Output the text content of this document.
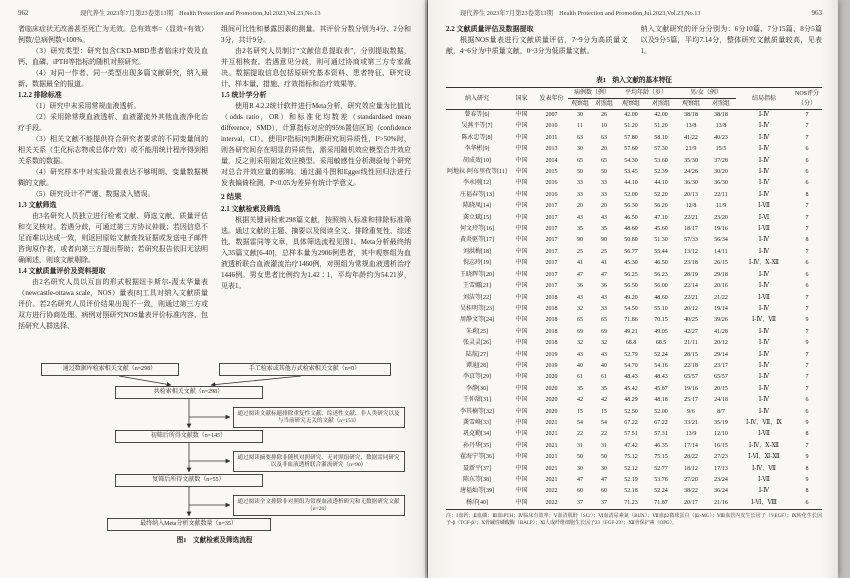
962	现代养生 2023年7月第23卷第13期　Health Protection and Promotion,Jul.2023,Vol.23,No.13

者临床症状无改善甚至死亡为无效。总有效率=（显效+有效）例数/总病例数×100%。

（3）研究类型：研究包含CKD-MBD患者临床疗效及血钙、血磷、iPTH等指标的随机对照研究。

（4）对同一作者、同一类型出现多篇文献研究，纳入最新、数据最全的报道。

1.2.2 排除标准

（1）研究中未采用常规血液透析。

（2）采用除常规血液透析、血液灌流外其他血液净化治疗手段。

（3）相关文献不能提供符合研究者要求的不同变量间的相关关系（生化标志物或总体疗效）或不能用统计程序得到相关系数的数据。

（4）研究样本中对实验设置表达不够明朗、变量数据模糊的文献。

（5）研究设计不严谨、数据录入错误。

1.3 文献筛选

由3名研究人员独立进行检索文献、筛选文献、质量评估和交叉核对。若遇分歧，可通过第三方协议仲裁；若因信息不足而难以达成一致，则返回原始文献查找证据或发送电子邮件咨询原作者，或者向第三方提出帮助；若研究报告依旧无法明确阐述，则该文献剔除。

1.4 文献质量评价及资料提取

由2名研究人员以互盲的形式根据纽卡斯尔-渥太华量表（newcastle-ottawa scale，NOS）量表[8]工具对纳入文献质量评价。若2名研究人员评价结果出现不一致，则通过第三方或双方进行协商处理。病例对照研究NOS量表评价标准内容，包括研究人群选择、

组间可比性和暴露因素的测量。其评价分数分别为4分、2分和3分，共计9分。

由2名研究人员制订“文献信息提取表”，分别提取数据，并互相核查。若遇意见分歧，则可通过协商或第三方专家裁决。数据提取信息包括原研究基本资料、患者特征、研究设计、样本量、措施、疗效指标和治疗效果等。

1.5 统计学分析

使用R 4.2.2统计软件进行Meta分析，研究效应量为比值比（odds ratio，OR）和标准化均数差（standardised mean difference，SMD），计算指标对应的95%置信区间（confidence interval，CI）。使用I²指标[9]判断研究间异质性，I²>50%时，则各研究间存在明显的异质性，需采用随机效应模型合并效应量，反之则采用固定效应模型。采用敏感性分析测验每个研究对总合并效应量的影响。通过漏斗图和Egger线性回归法进行发表偏倚检测，P<0.05为差异有统计学意义。

2 结果

2.1 文献检索及筛选

根据关键词检索298篇文献，按照纳入标准和排除标准筛选。通过文献的主题、摘要以及阅读全文、排除重复性、综述性、数据雷同等文章，具体筛选流程见图1。Meta分析最终纳入35篇文献[6-40]，总样本量为2906例患者，其中观察组为血液透析联合血液灌流治疗1460例，对照组为常规血液透析治疗1446例。男女患者比例约为1.42∶1，平均年龄约为54.21岁，见表1。

通过数据库检索相关文献（n=298）	手工检索或其他方式检索相关文献（n=0）
共检索相关文献（n=298）
通过阅读文献标题排除重复性文献、综述性文献、非人类研究以及与当前研究无关的文献（n=153）
初筛后所得文献数（n=145）
通过阅读摘要排除非随机对照研究、无对照组研究、数据雷同研究以及非血液透析联合灌流研究（n=90）
复筛后所得文献数（n=55）
通过阅读全文排除非对照组为常规血液透析研究和无数据研究文献（n=20）
最终纳入Meta分析文献数量（n=35）
图1　文献检索及筛选流程
现代养生 2023年7月第23卷第13期　Health Protection and Promotion,Jul.2023,Vol.23,No.13	963

2.2 文献质量评估及数据提取

根据NOS量表进行文献质量评估，7~9分为高质量文献，4~6分为中质量文献，0~3分为低质量文献。

纳入文献研究的评分分别为：6分10篇、7分15篇、8分5篇以及9分5篇，平均7.14分，整体研究文献质量较高，见表1。

表1　纳入文献的基本特征
纳入研究	国家	发表年份	病例数（例）		平均年龄（岁）		男/女（例）		结局指标	NOS评分（分）
			观察组	对照组	观察组	对照组	观察组	对照组		
曾春等[6]	中国	2007	30	26	42.00	42.00	38/18	38/18	Ⅰ-Ⅳ	7
吴燕平等[7]	中国	2010	11	10	51.20	51.20	13/8	13/8	Ⅰ-Ⅳ	7
陈永忠等[8]	中国	2011	63	63	57.80	58.10	41/22	40/23	Ⅰ-Ⅳ	7
李华彬[9]	中国	2013	30	20	57.60	57.30	21/9	15/5	Ⅰ-Ⅳ	6
胡成效[10]	中国	2014	65	65	54.30	53.60	35/30	37/28	Ⅰ-Ⅳ	6
阿地拉·阿布里孜等[11]	中国	2015	50	50	53.45	52.39	24/26	30/20	Ⅰ-Ⅳ	6
李永刚[12]	中国	2016	33	33	44.10	44.10	36/30	36/30	Ⅰ-Ⅳ	6
庄福春等[13]	中国	2016	33	33	52.00	52.20	20/13	22/11	Ⅰ-Ⅳ	8
陈晓凤[14]	中国	2017	20	20	56.30	56.20	12/8	11/9	Ⅰ-Ⅶ	7
龚立斌[15]	中国	2017	43	43	46.50	47.10	22/21	23/20	Ⅰ-Ⅵ	7
何文玲等[16]	中国	2017	35	35	48.60	45.60	18/17	19/16	Ⅰ-Ⅶ	7
黄炎驱等[17]	中国	2017	90	90	50.80	51.30	57/33	56/34	Ⅰ-Ⅳ	8
刘洪梅[18]	中国	2017	25	25	56.77	55.44	13/12	14/11	Ⅰ-Ⅳ	7
倪志玲[19]	中国	2017	41	41	45.30	46.50	23/18	26/15	Ⅰ-Ⅳ、Ⅹ-Ⅻ	6
王晓辉等[20]	中国	2017	47	47	56.25	56.23	28/19	29/18	Ⅰ-Ⅳ	6
王雪娜[21]	中国	2017	36	36	56.50	56.00	22/14	20/16	Ⅰ-Ⅳ	6
刘洁等[22]	中国	2018	43	43	49.20	48.60	22/21	21/22	Ⅰ-Ⅶ	7
吴桂明等[23]	中国	2018	32	33	54.50	55.10	20/12	19/14	Ⅰ-Ⅳ	7
周静文等[24]	中国	2018	65	65	71.86	70.15	40/25	39/26	Ⅰ-Ⅳ、Ⅶ	9
朱莉[25]	中国	2018	69	69	49.21	49.05	42/27	41/28	Ⅰ-Ⅳ	7
张灵灵[26]	中国	2018	32	32	68.8	68.5	21/11	20/12	Ⅰ-Ⅳ	9
陆航[27]	中国	2019	43	43	52.79	52.24	28/15	29/14	Ⅰ-Ⅳ	7
谭迪[28]	中国	2019	40	40	54.70	54.16	22/18	23/17	Ⅰ-Ⅳ	7
李京等[29]	中国	2020	61	61	48.43	48.43	65/57	65/57	Ⅰ-Ⅳ	7
李静[30]	中国	2020	35	35	45.42	45.87	19/16	20/15	Ⅰ-Ⅳ	7
王仲甜[31]	中国	2020	42	42	48.29	48.18	25/17	24/18	Ⅰ-Ⅳ	6
李其楠等[32]	中国	2020	15	15	52.50	52.00	9/6	8/7	Ⅰ-Ⅳ	6
龚雪峰[33]	中国	2021	54	54	67.22	67.22	33/21	35/19	Ⅰ-Ⅳ、Ⅶ、Ⅸ	9
巩克勤[34]	中国	2021	22	22	57.51	57.31	13/9	12/10	Ⅰ-Ⅶ	8
孙丹华[35]	中国	2021	31	31	47.42	46.35	17/14	16/15	Ⅰ-Ⅳ、Ⅹ-Ⅻ	7
翟海宁等[36]	中国	2021	50	50	75.12	75.15	28/22	27/23	Ⅰ-Ⅵ、Ⅺ-Ⅻ	9
聂新平[37]	中国	2021	30	30	52.12	52.77	18/12	17/13	Ⅰ-Ⅳ、Ⅶ	8
陈东等[38]	中国	2021	47	47	52.19	53.76	27/20	23/24	Ⅰ-Ⅶ	9
唐福灿等[39]	中国	2022	60	60	52.18	52.24	38/22	36/24	Ⅰ-Ⅳ	8
杨洋[40]	中国	2022	37	37	71.23	71.87	20/17	21/16	Ⅰ-Ⅵ、Ⅷ	6
注：Ⅰ血钙；Ⅱ血磷；Ⅲ血iPTH；Ⅳ临床有效率；Ⅴ血清肌酐（SCr）；Ⅵ血清尿素氮（BUN）；Ⅶ血β2微球蛋白（β2-MG）；Ⅷ血管内皮生长因子（VEGF）；Ⅸ转化生长因子-β（TGF-β）；Ⅹ骨碱性磷酸酶（BALP）；Ⅺ人成纤维细胞生长因子23（FGF-23）；Ⅻ骨保护素（OPG）。
